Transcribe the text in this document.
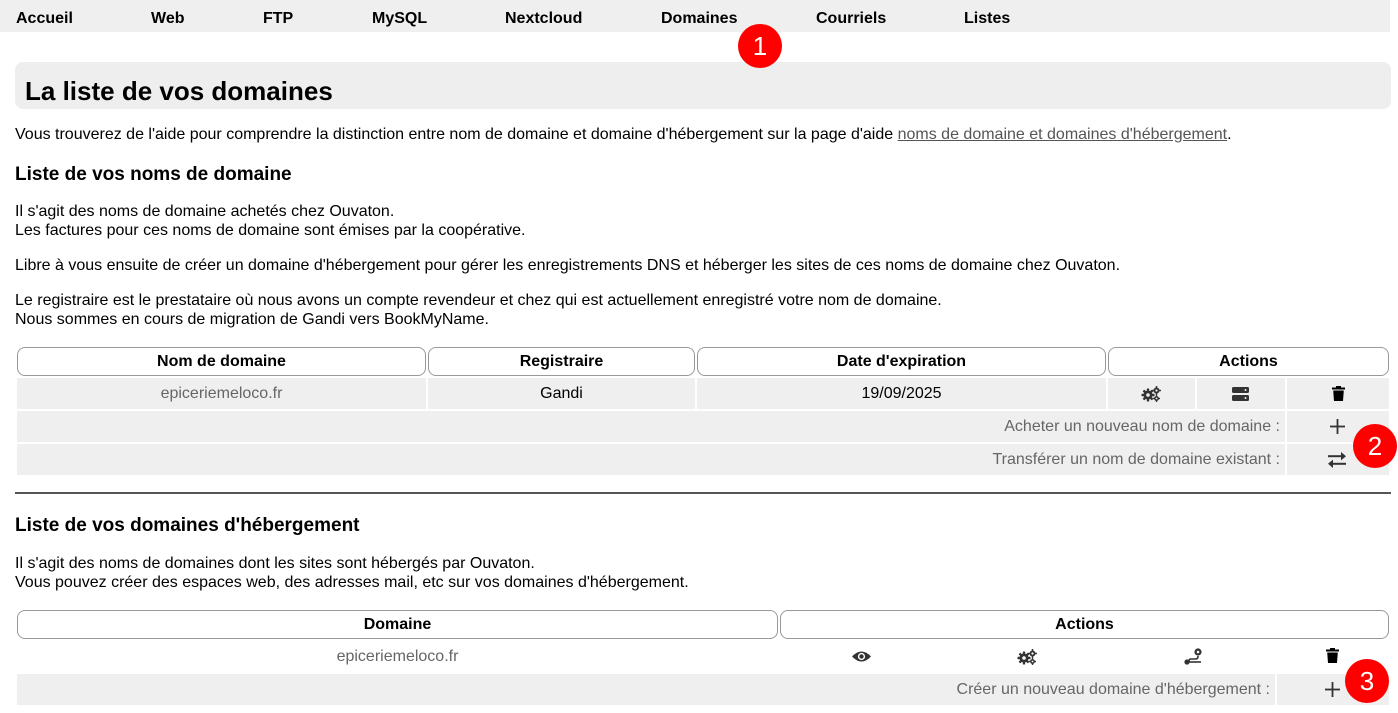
Accueil	Web	FTP	MySQL	Nextcloud	Domaines	Courriels	Listes
La liste de vos domaines
Vous trouverez de l'aide pour comprendre la distinction entre nom de domaine et domaine d'hébergement sur la page d'aide noms de domaine et domaines d'hébergement.
Liste de vos noms de domaine
Il s'agit des noms de domaine achetés chez Ouvaton.
Les factures pour ces noms de domaine sont émises par la coopérative.
Libre à vous ensuite de créer un domaine d'hébergement pour gérer les enregistrements DNS et héberger les sites de ces noms de domaine chez Ouvaton.
Le registraire est le prestataire où nous avons un compte revendeur et chez qui est actuellement enregistré votre nom de domaine.
Nous sommes en cours de migration de Gandi vers BookMyName.
Nom de domaine	Registraire	Date d'expiration	Actions
epiceriemeloco.fr	Gandi	19/09/2025
Acheter un nouveau nom de domaine :
Transférer un nom de domaine existant :
Liste de vos domaines d'hébergement
Il s'agit des noms de domaines dont les sites sont hébergés par Ouvaton.
Vous pouvez créer des espaces web, des adresses mail, etc sur vos domaines d'hébergement.
Domaine	Actions
epiceriemeloco.fr
Créer un nouveau domaine d'hébergement :
1
2
3
